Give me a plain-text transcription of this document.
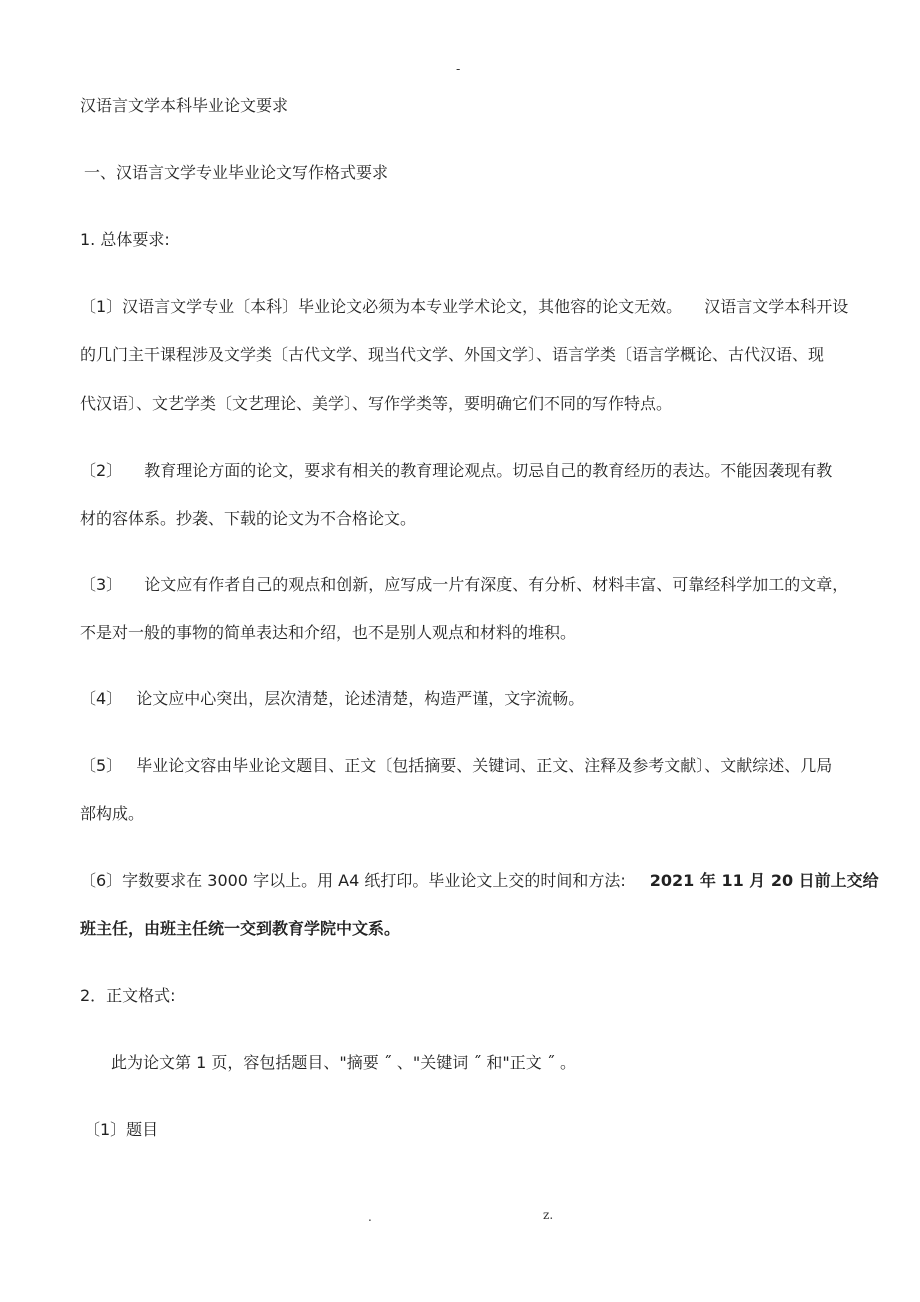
-
汉语言文学本科毕业论文要求
一、汉语言文学专业毕业论文写作格式要求
1. 总体要求:
〔1〕汉语言文学专业〔本科〕毕业论文必须为本专业学术论文，其他容的论文无效。 汉语言文学本科开设
的几门主干课程涉及文学类〔古代文学、现当代文学、外国文学〕、语言学类〔语言学概论、古代汉语、现
代汉语〕、文艺学类〔文艺理论、美学〕、写作学类等，要明确它们不同的写作特点。
〔2〕 教育理论方面的论文，要求有相关的教育理论观点。切忌自己的教育经历的表达。不能因袭现有教
材的容体系。抄袭、下载的论文为不合格论文。
〔3〕 论文应有作者自己的观点和创新，应写成一片有深度、有分析、材料丰富、可靠经科学加工的文章，
不是对一般的事物的简单表达和介绍，也不是别人观点和材料的堆积。
〔4〕 论文应中心突出，层次清楚，论述清楚，构造严谨，文字流畅。
〔5〕 毕业论文容由毕业论文题目、正文〔包括摘要、关键词、正文、注释及参考文献〕、文献综述、几局
部构成。
〔6〕字数要求在 3000 字以上。用 A4 纸打印。毕业论文上交的时间和方法: 2021 年 11 月 20 日前上交给
班主任，由班主任统一交到教育学院中文系。
2．正文格式:
此为论文第 1 页，容包括题目、"摘要 ˝ 、"关键词 ˝ 和"正文 ˝ 。
〔1〕题目
.	z.
